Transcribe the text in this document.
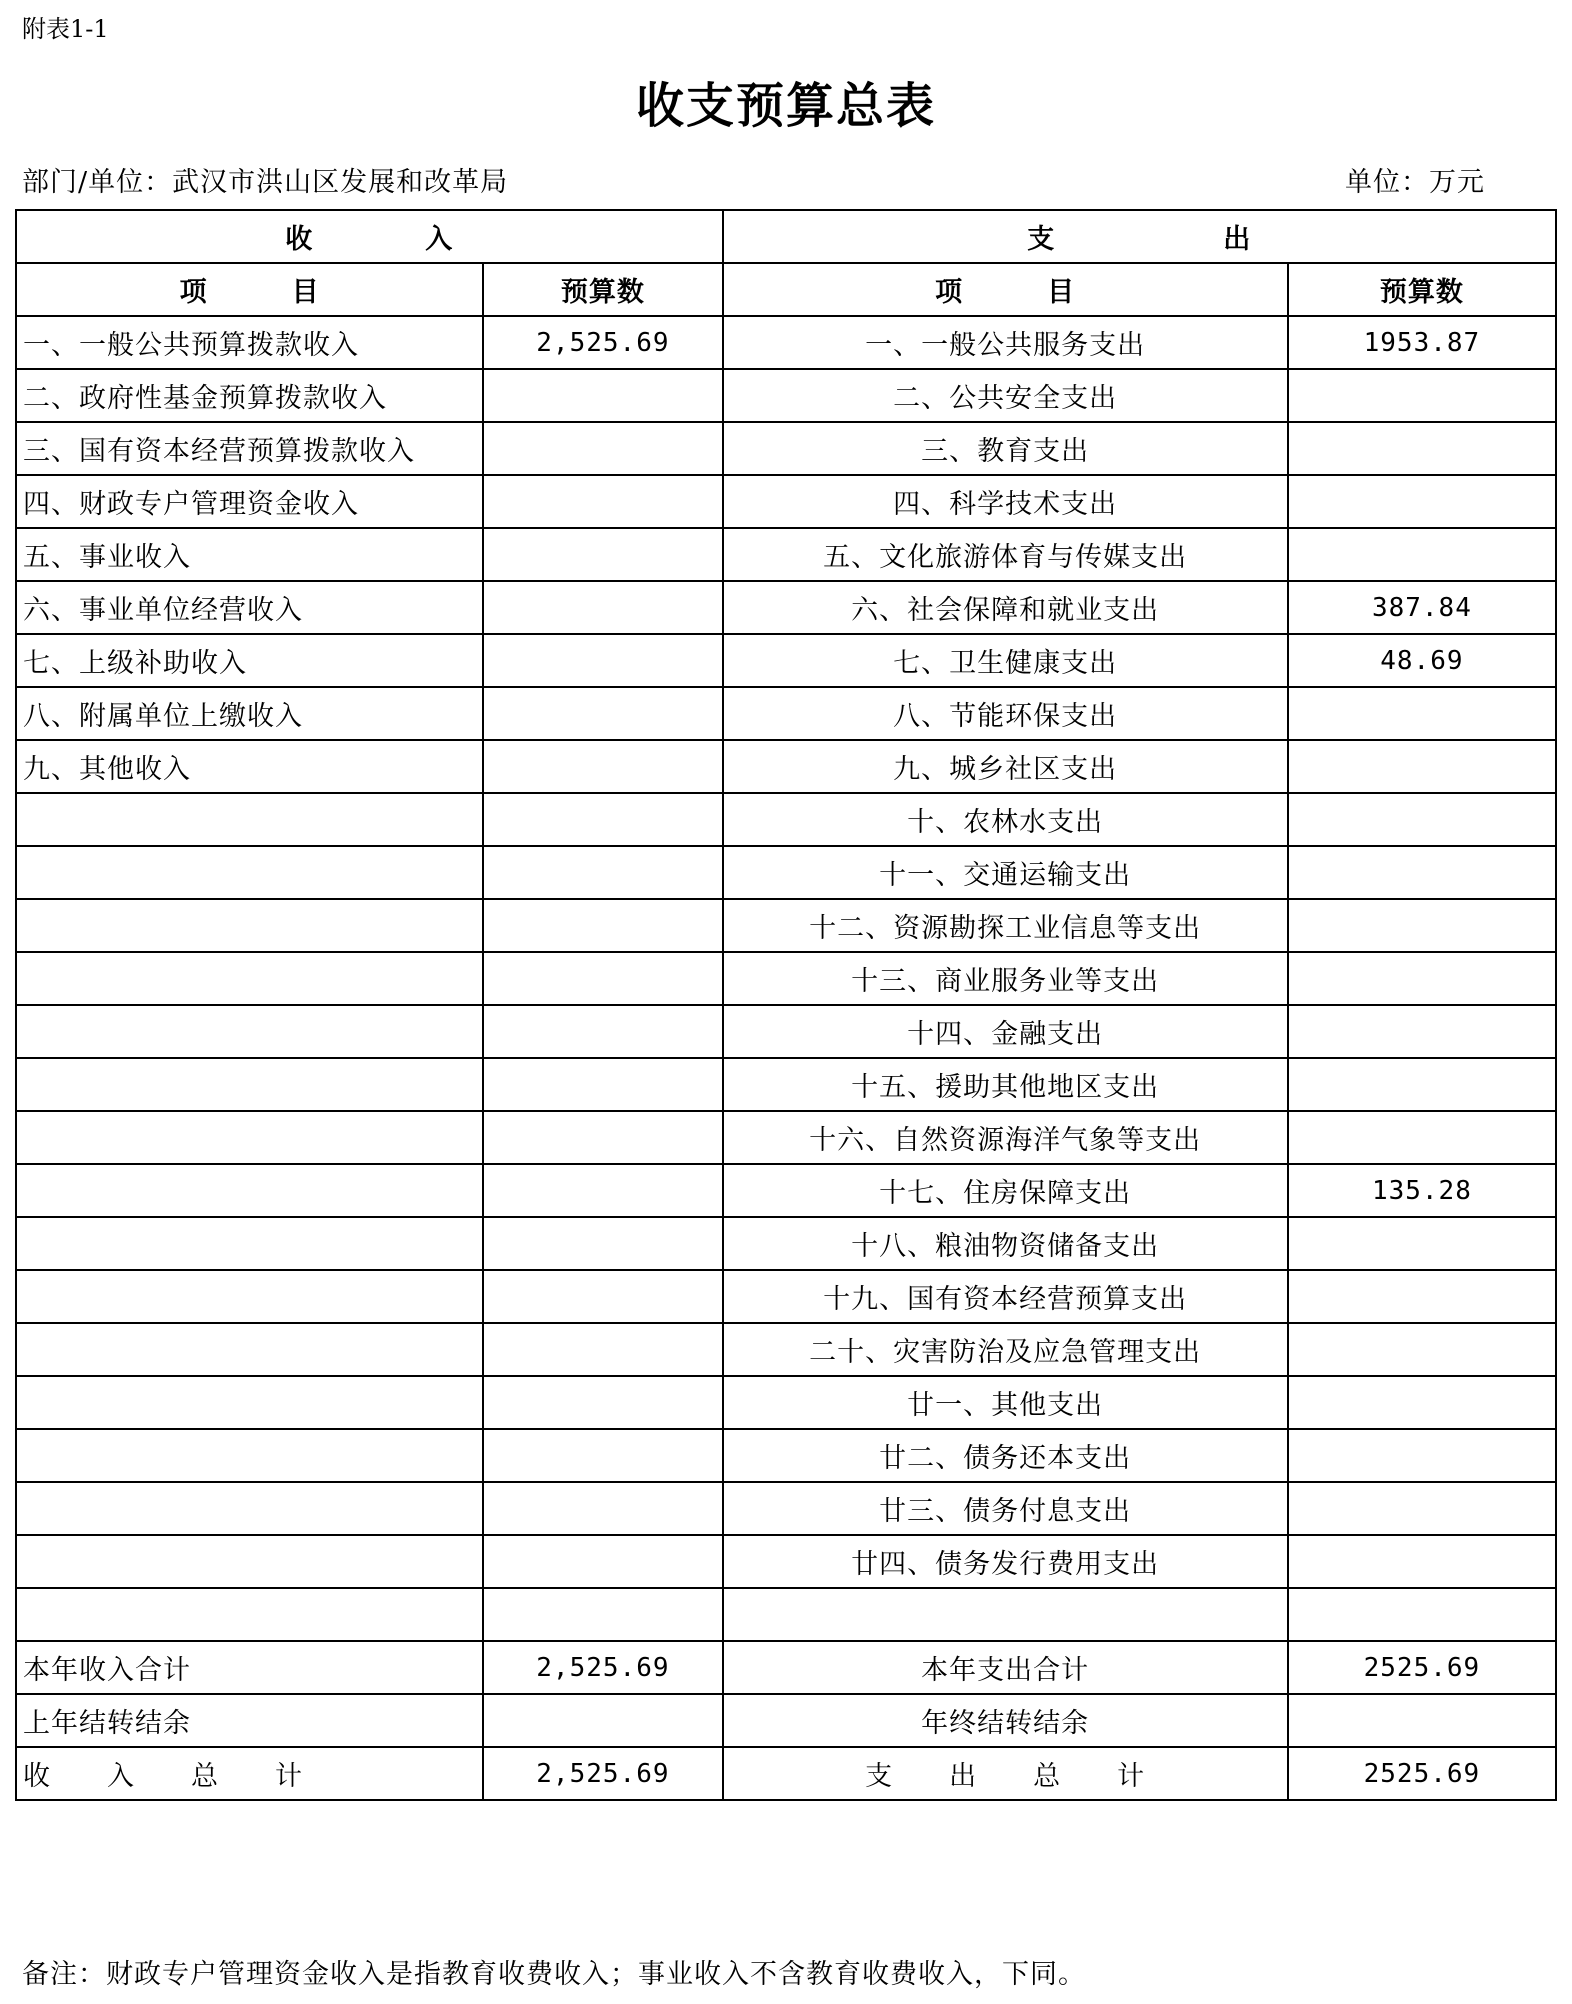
附表1-1
收支预算总表
部门/单位：武汉市洪山区发展和改革局	单位：万元
收　　　　入		支　　　　　　出	
项　　　目	预算数	项　　　目	预算数
一、一般公共预算拨款收入	2,525.69	一、一般公共服务支出	1953.87
二、政府性基金预算拨款收入		二、公共安全支出	
三、国有资本经营预算拨款收入		三、教育支出	
四、财政专户管理资金收入		四、科学技术支出	
五、事业收入		五、文化旅游体育与传媒支出	
六、事业单位经营收入		六、社会保障和就业支出	387.84
七、上级补助收入		七、卫生健康支出	48.69
八、附属单位上缴收入		八、节能环保支出	
九、其他收入		九、城乡社区支出	
		十、农林水支出	
		十一、交通运输支出	
		十二、资源勘探工业信息等支出	
		十三、商业服务业等支出	
		十四、金融支出	
		十五、援助其他地区支出	
		十六、自然资源海洋气象等支出	
		十七、住房保障支出	135.28
		十八、粮油物资储备支出	
		十九、国有资本经营预算支出	
		二十、灾害防治及应急管理支出	
		廿一、其他支出	
		廿二、债务还本支出	
		廿三、债务付息支出	
		廿四、债务发行费用支出	

本年收入合计	2,525.69	本年支出合计	2525.69
上年结转结余		年终结转结余	
收　　入　　总　　计	2,525.69	支　　出　　总　　计	2525.69
备注：财政专户管理资金收入是指教育收费收入；事业收入不含教育收费收入，下同。
